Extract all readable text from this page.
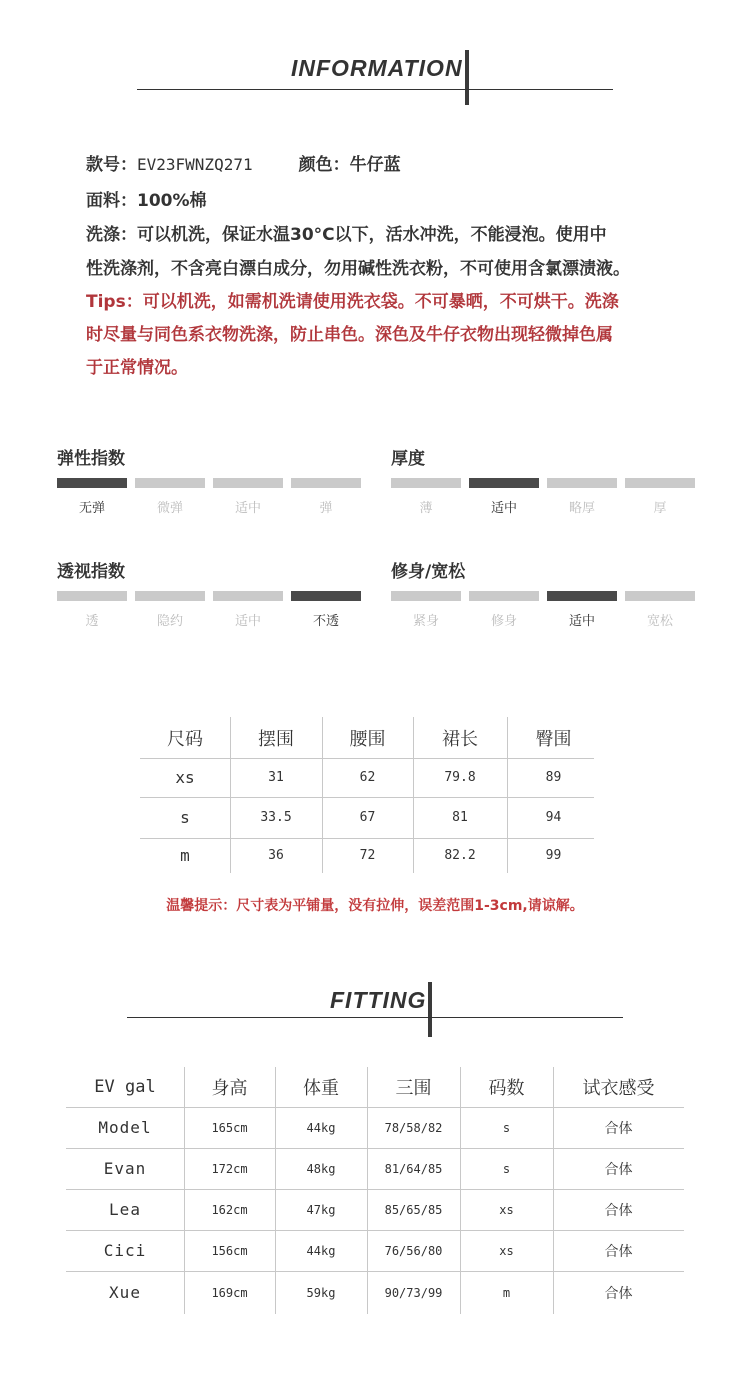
INFORMATION
款号：EV23FWNZQ271	颜色：牛仔蓝
面料：100%棉
洗涤：可以机洗，保证水温30°C以下，活水冲洗，不能浸泡。使用中
性洗涤剂，不含亮白漂白成分，勿用碱性洗衣粉，不可使用含氯漂渍液。
Tips：可以机洗，如需机洗请使用洗衣袋。不可暴晒，不可烘干。洗涤
时尽量与同色系衣物洗涤，防止串色。深色及牛仔衣物出现轻微掉色属
于正常情况。
弹性指数
无弹	微弹	适中	弹
厚度
薄	适中	略厚	厚
透视指数
透	隐约	适中	不透
修身/宽松
紧身	修身	适中	宽松
尺码	摆围	腰围	裙长	臀围
xs	31	62	79.8	89
s	33.5	67	81	94
m	36	72	82.2	99
温馨提示：尺寸表为平铺量，没有拉伸，误差范围1-3cm,请谅解。
FITTING
EV gal	身高	体重	三围	码数	试衣感受
Model	165cm	44kg	78/58/82	s	合体
Evan	172cm	48kg	81/64/85	s	合体
Lea	162cm	47kg	85/65/85	xs	合体
Cici	156cm	44kg	76/56/80	xs	合体
Xue	169cm	59kg	90/73/99	m	合体
